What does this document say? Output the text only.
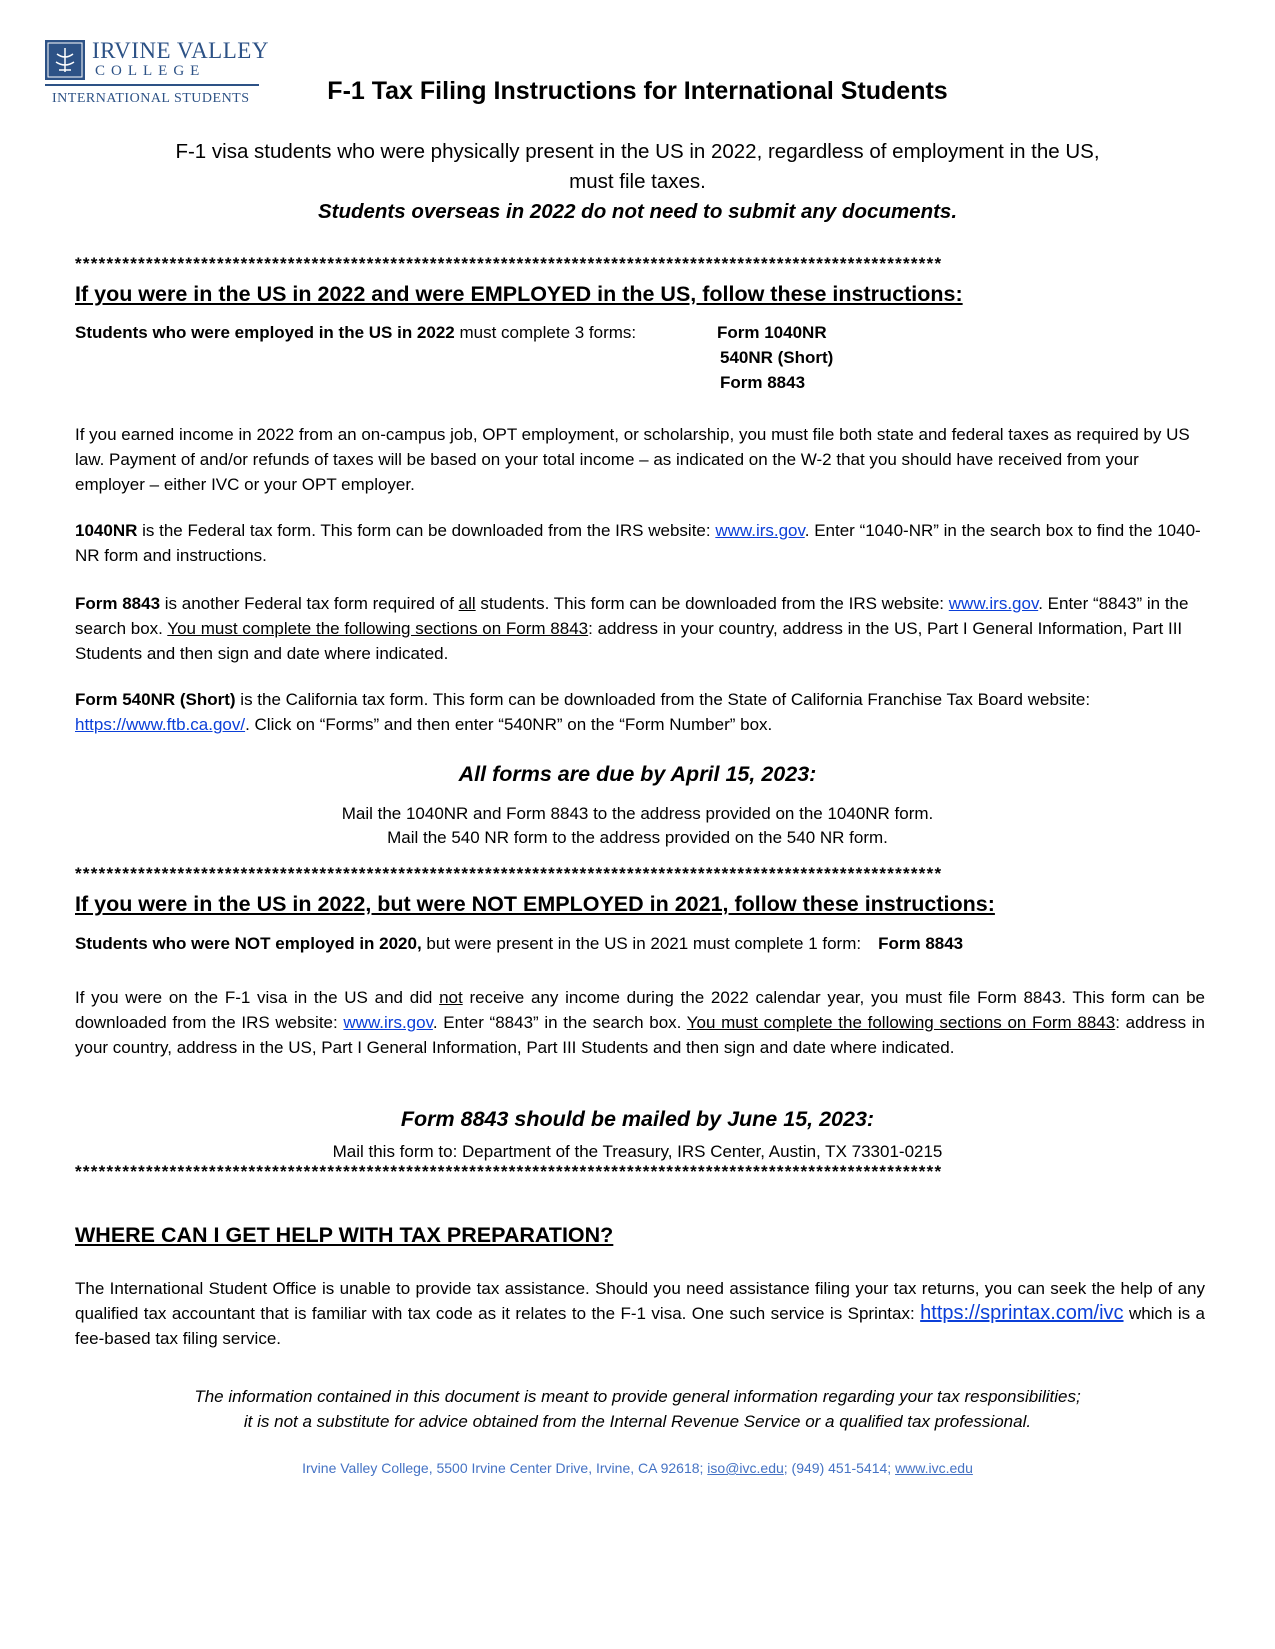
IRVINE VALLEY
COLLEGE
INTERNATIONAL STUDENTS	F-1 Tax Filing Instructions for International Students
F-1 visa students who were physically present in the US in 2022, regardless of employment in the US,
must file taxes.
Students overseas in 2022 do not need to submit any documents.
**************************************************************************************************************
If you were in the US in 2022 and were EMPLOYED in the US, follow these instructions:
Students who were employed in the US in 2022 must complete 3 forms:	Form 1040NR
540NR (Short)
Form 8843
If you earned income in 2022 from an on-campus job, OPT employment, or scholarship, you must file both state and federal taxes as required by US law. Payment of and/or refunds of taxes will be based on your total income – as indicated on the W-2 that you should have received from your employer – either IVC or your OPT employer.
1040NR is the Federal tax form. This form can be downloaded from the IRS website: www.irs.gov. Enter “1040-NR” in the search box to find the 1040-NR form and instructions.
Form 8843 is another Federal tax form required of all students. This form can be downloaded from the IRS website: www.irs.gov. Enter “8843” in the search box. You must complete the following sections on Form 8843: address in your country, address in the US, Part I General Information, Part III Students and then sign and date where indicated.
Form 540NR (Short) is the California tax form. This form can be downloaded from the State of California Franchise Tax Board website: https://www.ftb.ca.gov/. Click on “Forms” and then enter “540NR” on the “Form Number” box.
All forms are due by April 15, 2023:
Mail the 1040NR and Form 8843 to the address provided on the 1040NR form.
Mail the 540 NR form to the address provided on the 540 NR form.
**************************************************************************************************************
If you were in the US in 2022, but were NOT EMPLOYED in 2021, follow these instructions:
Students who were NOT employed in 2020, but were present in the US in 2021 must complete 1 form: Form 8843
If you were on the F-1 visa in the US and did not receive any income during the 2022 calendar year, you must file Form 8843. This form can be downloaded from the IRS website: www.irs.gov. Enter “8843” in the search box. You must complete the following sections on Form 8843: address in your country, address in the US, Part I General Information, Part III Students and then sign and date where indicated.
Form 8843 should be mailed by June 15, 2023:
Mail this form to: Department of the Treasury, IRS Center, Austin, TX 73301-0215
**************************************************************************************************************
WHERE CAN I GET HELP WITH TAX PREPARATION?
The International Student Office is unable to provide tax assistance. Should you need assistance filing your tax returns, you can seek the help of any qualified tax accountant that is familiar with tax code as it relates to the F-1 visa. One such service is Sprintax: https://sprintax.com/ivc which is a fee-based tax filing service.
The information contained in this document is meant to provide general information regarding your tax responsibilities;
it is not a substitute for advice obtained from the Internal Revenue Service or a qualified tax professional.
Irvine Valley College, 5500 Irvine Center Drive, Irvine, CA 92618; iso@ivc.edu; (949) 451-5414; www.ivc.edu
